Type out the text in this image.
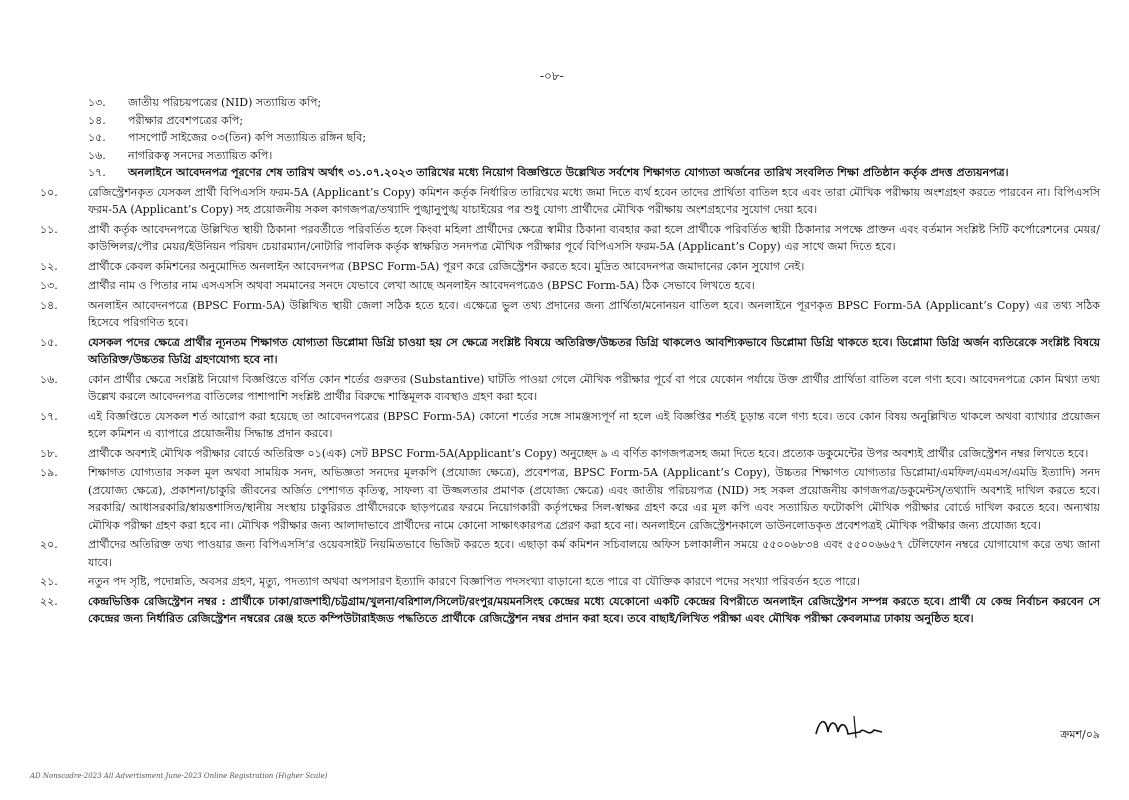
-০৮-
১৩.	জাতীয় পরিচয়পত্রের (NID) সত্যায়িত কপি;
১৪.	পরীক্ষার প্রবেশপত্রের কপি;
১৫.	পাসপোর্ট সাইজের ০৩(তিন) কপি সত্যায়িত রঙ্গিন ছবি;
১৬.	নাগরিকত্ব সনদের সত্যায়িত কপি।
১৭.	অনলাইনে আবেদনপত্র পূরণের শেষ তারিখ অর্থাৎ ৩১.০৭.২০২৩ তারিখের মধ্যে নিয়োগ বিজ্ঞপ্তিতে উল্লেখিত সর্বশেষ শিক্ষাগত যোগ্যতা অর্জনের তারিখ সংবলিত শিক্ষা প্রতিষ্ঠান কর্তৃক প্রদত্ত প্রত্যয়নপত্র।
১০.	রেজিস্ট্রেশনকৃত যেসকল প্রার্থী বিপিএসসি ফরম-5A (Applicant’s Copy) কমিশন কর্তৃক নির্ধারিত তারিখের মধ্যে জমা দিতে ব্যর্থ হবেন তাদের প্রার্থিতা বাতিল হবে এবং তারা মৌখিক পরীক্ষায় অংশগ্রহণ করতে পারবেন না। বিপিএসসি ফরম-5A (Applicant’s Copy) সহ প্রয়োজনীয় সকল কাগজপত্র/তথ্যাদি পুঙ্খানুপুঙ্খ যাচাইয়ের পর শুধু যোগ্য প্রার্থীদের মৌখিক পরীক্ষায় অংশগ্রহণের সুযোগ দেয়া হবে।
১১.	প্রার্থী কর্তৃক আবেদনপত্রে উল্লিখিত স্থায়ী ঠিকানা পরবর্তীতে পরিবর্তিত হলে কিংবা মহিলা প্রার্থীদের ক্ষেত্রে স্বামীর ঠিকানা ব্যবহার করা হলে প্রার্থীকে পরিবর্তিত স্থায়ী ঠিকানার সপক্ষে প্রাক্তন এবং বর্তমান সংশ্লিষ্ট সিটি কর্পোরেশনের মেয়র/কাউন্সিলর/পৌর মেয়র/ইউনিয়ন পরিষদ চেয়ারম্যান/নোটারি পাবলিক কর্তৃক স্বাক্ষরিত সনদপত্র মৌখিক পরীক্ষার পূর্বে বিপিএসসি ফরম-5A (Applicant’s Copy) এর সাথে জমা দিতে হবে।
১২.	প্রার্থীকে কেবল কমিশনের অনুমোদিত অনলাইন আবেদনপত্র (BPSC Form-5A) পূরণ করে রেজিস্ট্রেশন করতে হবে। মুদ্রিত আবেদনপত্র জমাদানের কোন সুযোগ নেই।
১৩.	প্রার্থীর নাম ও পিতার নাম এসএসসি অথবা সমমানের সনদে যেভাবে লেখা আছে অনলাইন আবেদনপত্রেও (BPSC Form-5A) ঠিক সেভাবে লিখতে হবে।
১৪.	অনলাইন আবেদনপত্রে (BPSC Form-5A) উল্লিখিত স্থায়ী জেলা সঠিক হতে হবে। এক্ষেত্রে ভুল তথ্য প্রদানের জন্য প্রার্থিতা/মনোনয়ন বাতিল হবে। অনলাইনে পূরণকৃত BPSC Form-5A (Applicant’s Copy) এর তথ্য সঠিক হিসেবে পরিগণিত হবে।
১৫.	যেসকল পদের ক্ষেত্রে প্রার্থীর ন্যূনতম শিক্ষাগত যোগ্যতা ডিপ্লোমা ডিগ্রি চাওয়া হয় সে ক্ষেত্রে সংশ্লিষ্ট বিষয়ে অতিরিক্ত/উচ্চতর ডিগ্রি থাকলেও আবশ্যিকভাবে ডিপ্লোমা ডিগ্রি থাকতে হবে। ডিপ্লোমা ডিগ্রি অর্জন ব্যতিরেকে সংশ্লিষ্ট বিষয়ে অতিরিক্ত/উচ্চতর ডিগ্রি গ্রহণযোগ্য হবে না।
১৬.	কোন প্রার্থীর ক্ষেত্রে সংশ্লিষ্ট নিয়োগ বিজ্ঞপ্তিতে বর্ণিত কোন শর্তের গুরুতর (Substantive) ঘাটতি পাওয়া গেলে মৌখিক পরীক্ষার পূর্বে বা পরে যেকোন পর্যায়ে উক্ত প্রার্থীর প্রার্থিতা বাতিল বলে গণ্য হবে। আবেদনপত্রে কোন মিথ্যা তথ্য উল্লেখ করলে আবেদনপত্র বাতিলের পাশাপাশি সংশ্লিষ্ট প্রার্থীর বিরুদ্ধে শাস্তিমূলক ব্যবস্থাও গ্রহণ করা হবে।
১৭.	এই বিজ্ঞপ্তিতে যেসকল শর্ত আরোপ করা হয়েছে তা আবেদনপত্রের (BPSC Form-5A) কোনো শর্তের সঙ্গে সামঞ্জস্যপূর্ণ না হলে এই বিজ্ঞপ্তির শর্তই চূড়ান্ত বলে গণ্য হবে। তবে কোন বিষয় অনুল্লিখিত থাকলে অথবা ব্যাখ্যার প্রয়োজন হলে কমিশন এ ব্যাপারে প্রয়োজনীয় সিদ্ধান্ত প্রদান করবে।
১৮.	প্রার্থীকে অবশ্যই মৌখিক পরীক্ষার বোর্ডে অতিরিক্ত ০১(এক) সেট BPSC Form-5A(Applicant’s Copy) অনুচ্ছেদ ৯ এ বর্ণিত কাগজপত্রসহ জমা দিতে হবে। প্রত্যেক ডকুমেন্টের উপর অবশ্যই প্রার্থীর রেজিস্ট্রেশন নম্বর লিখতে হবে।
১৯.	শিক্ষাগত যোগ্যতার সকল মূল অথবা সাময়িক সনদ, অভিজ্ঞতা সনদের মূলকপি (প্রযোজ্য ক্ষেত্রে), প্রবেশপত্র, BPSC Form-5A (Applicant’s Copy), উচ্চতর শিক্ষাগত যোগ্যতার ডিপ্লোমা/এমফিল/এমএস/এমডি ইত্যাদি) সনদ (প্রযোজ্য ক্ষেত্রে), প্রকাশনা/চাকুরি জীবনের অর্জিত পেশাগত কৃতিত্ব, সাফল্য বা উজ্জলতার প্রমাণক (প্রযোজ্য ক্ষেত্রে) এবং জাতীয় পরিচয়পত্র (NID) সহ সকল প্রয়োজনীয় কাগজপত্র/ডকুমেন্টস্/তথ্যাদি অবশ্যই দাখিল করতে হবে। সরকারি/ আধাসরকারি/স্বায়ত্তশাসিত/স্থানীয় সংস্থায় চাকুরিরত প্রার্থীদেরকে ছাড়পত্রের ফরমে নিয়োগকারী কর্তৃপক্ষের সিল-স্বাক্ষর গ্রহণ করে এর মূল কপি এবং সত্যায়িত ফটোকপি মৌখিক পরীক্ষার বোর্ডে দাখিল করতে হবে। অন্যথায় মৌখিক পরীক্ষা গ্রহণ করা হবে না। মৌখিক পরীক্ষার জন্য আলাদাভাবে প্রার্থীদের নামে কোনো সাক্ষাৎকারপত্র প্রেরণ করা হবে না। অনলাইনে রেজিস্ট্রেশনকালে ডাউনলোডকৃত প্রবেশপত্রই মৌখিক পরীক্ষার জন্য প্রযোজ্য হবে।
২০.	প্রার্থীদের অতিরিক্ত তথ্য পাওয়ার জন্য বিপিএসসি’র ওয়েবসাইট নিয়মিতভাবে ভিজিট করতে হবে। এছাড়া কর্ম কমিশন সচিবালয়ে অফিস চলাকালীন সময়ে ৫৫০০৬৮৩৪ এবং ৫৫০০৬৬৫৭ টেলিফোন নম্বরে যোগাযোগ করে তথ্য জানা যাবে।
২১.	নতুন পদ সৃষ্টি, পদোন্নতি, অবসর গ্রহণ, মৃত্যু, পদত্যাগ অথবা অপসারণ ইত্যাদি কারণে বিজ্ঞাপিত পদসংখ্যা বাড়ানো হতে পারে বা যৌক্তিক কারণে পদের সংখ্যা পরিবর্তন হতে পারে।
২২.	কেন্দ্রভিত্তিক রেজিস্ট্রেশন নম্বর : প্রার্থীকে ঢাকা/রাজশাহী/চট্টগ্রাম/খুলনা/বরিশাল/সিলেট/রংপুর/ময়মনসিংহ কেন্দ্রের মধ্যে যেকোনো একটি কেন্দ্রের বিপরীতে অনলাইন রেজিস্ট্রেশন সম্পন্ন করতে হবে। প্রার্থী যে কেন্দ্র নির্বাচন করবেন সে কেন্দ্রের জন্য নির্ধারিত রেজিস্ট্রেশন নম্বরের রেঞ্জ হতে কম্পিউটারাইজড পদ্ধতিতে প্রার্থীকে রেজিস্ট্রেশন নম্বর প্রদান করা হবে। তবে বাছাই/লিখিত পরীক্ষা এবং মৌখিক পরীক্ষা কেবলমাত্র ঢাকায় অনুষ্ঠিত হবে।
ক্রমশ/০৯
AD Nonscadre-2023 All Advertisment June-2023 Online Registration (Higher Scale)
